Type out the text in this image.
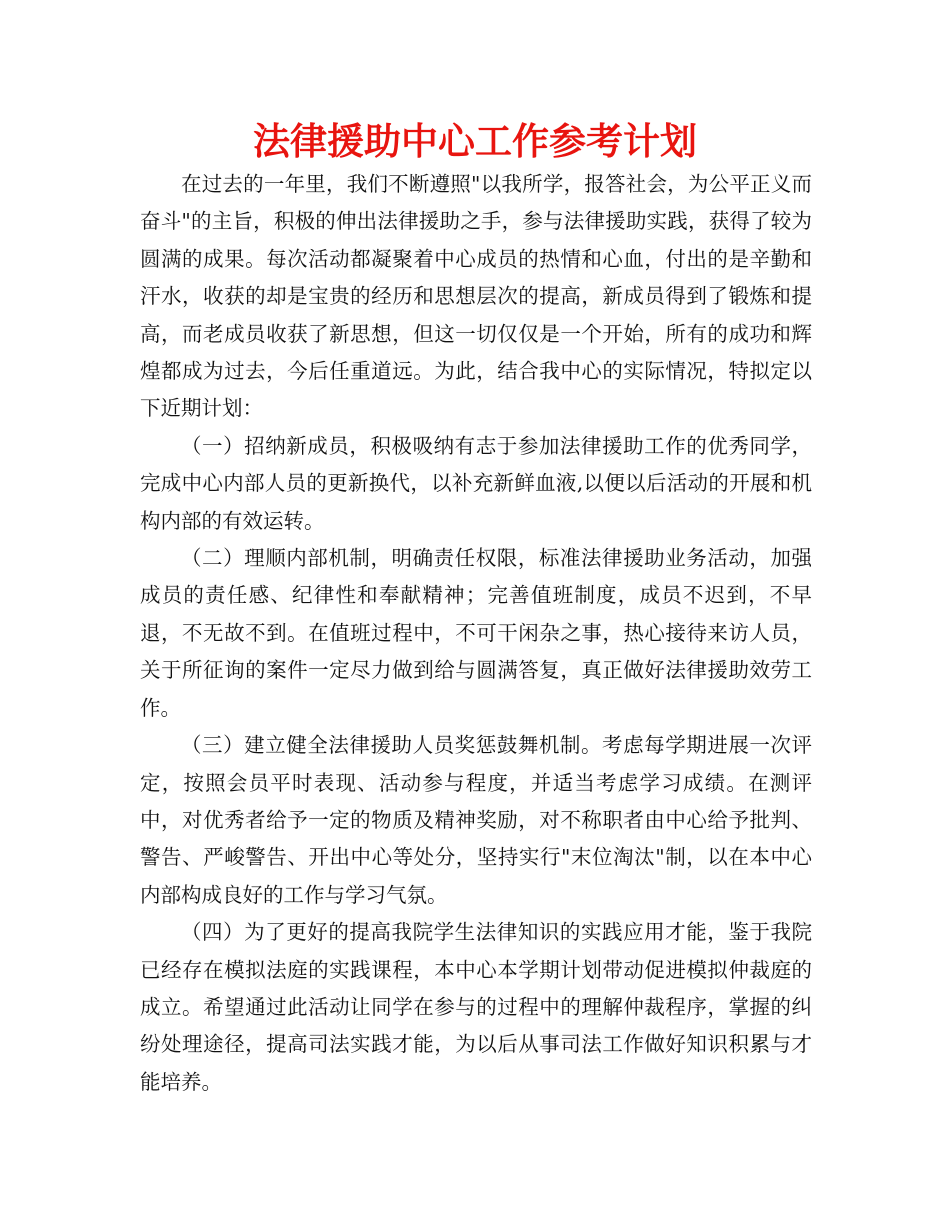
法律援助中心工作参考计划

在过去的一年里，我们不断遵照"以我所学，报答社会，为公平正义而奋斗"的主旨，积极的伸出法律援助之手，参与法律援助实践，获得了较为圆满的成果。每次活动都凝聚着中心成员的热情和心血，付出的是辛勤和汗水，收获的却是宝贵的经历和思想层次的提高，新成员得到了锻炼和提高，而老成员收获了新思想，但这一切仅仅是一个开始，所有的成功和辉煌都成为过去，今后任重道远。为此，结合我中心的实际情况，特拟定以下近期计划：

（一）招纳新成员，积极吸纳有志于参加法律援助工作的优秀同学，完成中心内部人员的更新换代，以补充新鲜血液,以便以后活动的开展和机构内部的有效运转。

（二）理顺内部机制，明确责任权限，标准法律援助业务活动，加强成员的责任感、纪律性和奉献精神；完善值班制度，成员不迟到，不早退，不无故不到。在值班过程中，不可干闲杂之事，热心接待来访人员，关于所征询的案件一定尽力做到给与圆满答复，真正做好法律援助效劳工作。

（三）建立健全法律援助人员奖惩鼓舞机制。考虑每学期进展一次评定，按照会员平时表现、活动参与程度，并适当考虑学习成绩。在测评中，对优秀者给予一定的物质及精神奖励，对不称职者由中心给予批判、警告、严峻警告、开出中心等处分，坚持实行"末位淘汰"制，以在本中心内部构成良好的工作与学习气氛。

（四）为了更好的提高我院学生法律知识的实践应用才能，鉴于我院已经存在模拟法庭的实践课程，本中心本学期计划带动促进模拟仲裁庭的成立。希望通过此活动让同学在参与的过程中的理解仲裁程序，掌握的纠纷处理途径，提高司法实践才能，为以后从事司法工作做好知识积累与才能培养。
